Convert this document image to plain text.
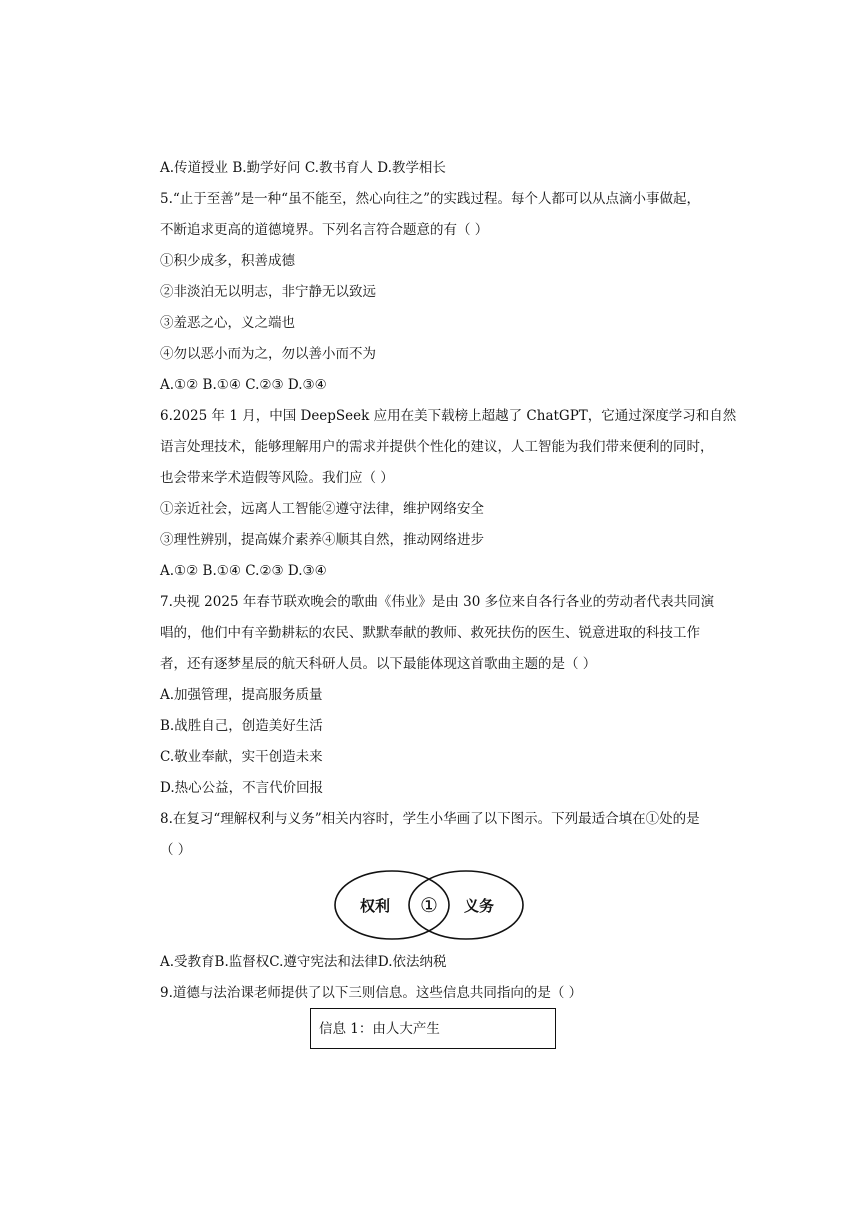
A.传道授业 B.勤学好问 C.教书育人 D.教学相长
5.“止于至善”是一种“虽不能至，然心向往之”的实践过程。每个人都可以从点滴小事做起，
不断追求更高的道德境界。下列名言符合题意的有（ ）
①积少成多，积善成德
②非淡泊无以明志，非宁静无以致远
③羞恶之心，义之端也
④勿以恶小而为之，勿以善小而不为
A.①② B.①④ C.②③ D.③④
6.2025 年 1 月，中国 DeepSeek 应用在美下载榜上超越了 ChatGPT，它通过深度学习和自然
语言处理技术，能够理解用户的需求并提供个性化的建议，人工智能为我们带来便利的同时，
也会带来学术造假等风险。我们应（ ）
①亲近社会，远离人工智能②遵守法律，维护网络安全
③理性辨别，提高媒介素养④顺其自然，推动网络进步
A.①② B.①④ C.②③ D.③④
7.央视 2025 年春节联欢晚会的歌曲《伟业》是由 30 多位来自各行各业的劳动者代表共同演
唱的，他们中有辛勤耕耘的农民、默默奉献的教师、救死扶伤的医生、锐意进取的科技工作
者，还有逐梦星辰的航天科研人员。以下最能体现这首歌曲主题的是（ ）
A.加强管理，提高服务质量
B.战胜自己，创造美好生活
C.敬业奉献，实干创造未来
D.热心公益，不言代价回报
8.在复习“理解权利与义务”相关内容时，学生小华画了以下图示。下列最适合填在①处的是
（ ）
权利 ① 义务
A.受教育B.监督权C.遵守宪法和法律D.依法纳税
9.道德与法治课老师提供了以下三则信息。这些信息共同指向的是（ ）
信息 1：由人大产生
